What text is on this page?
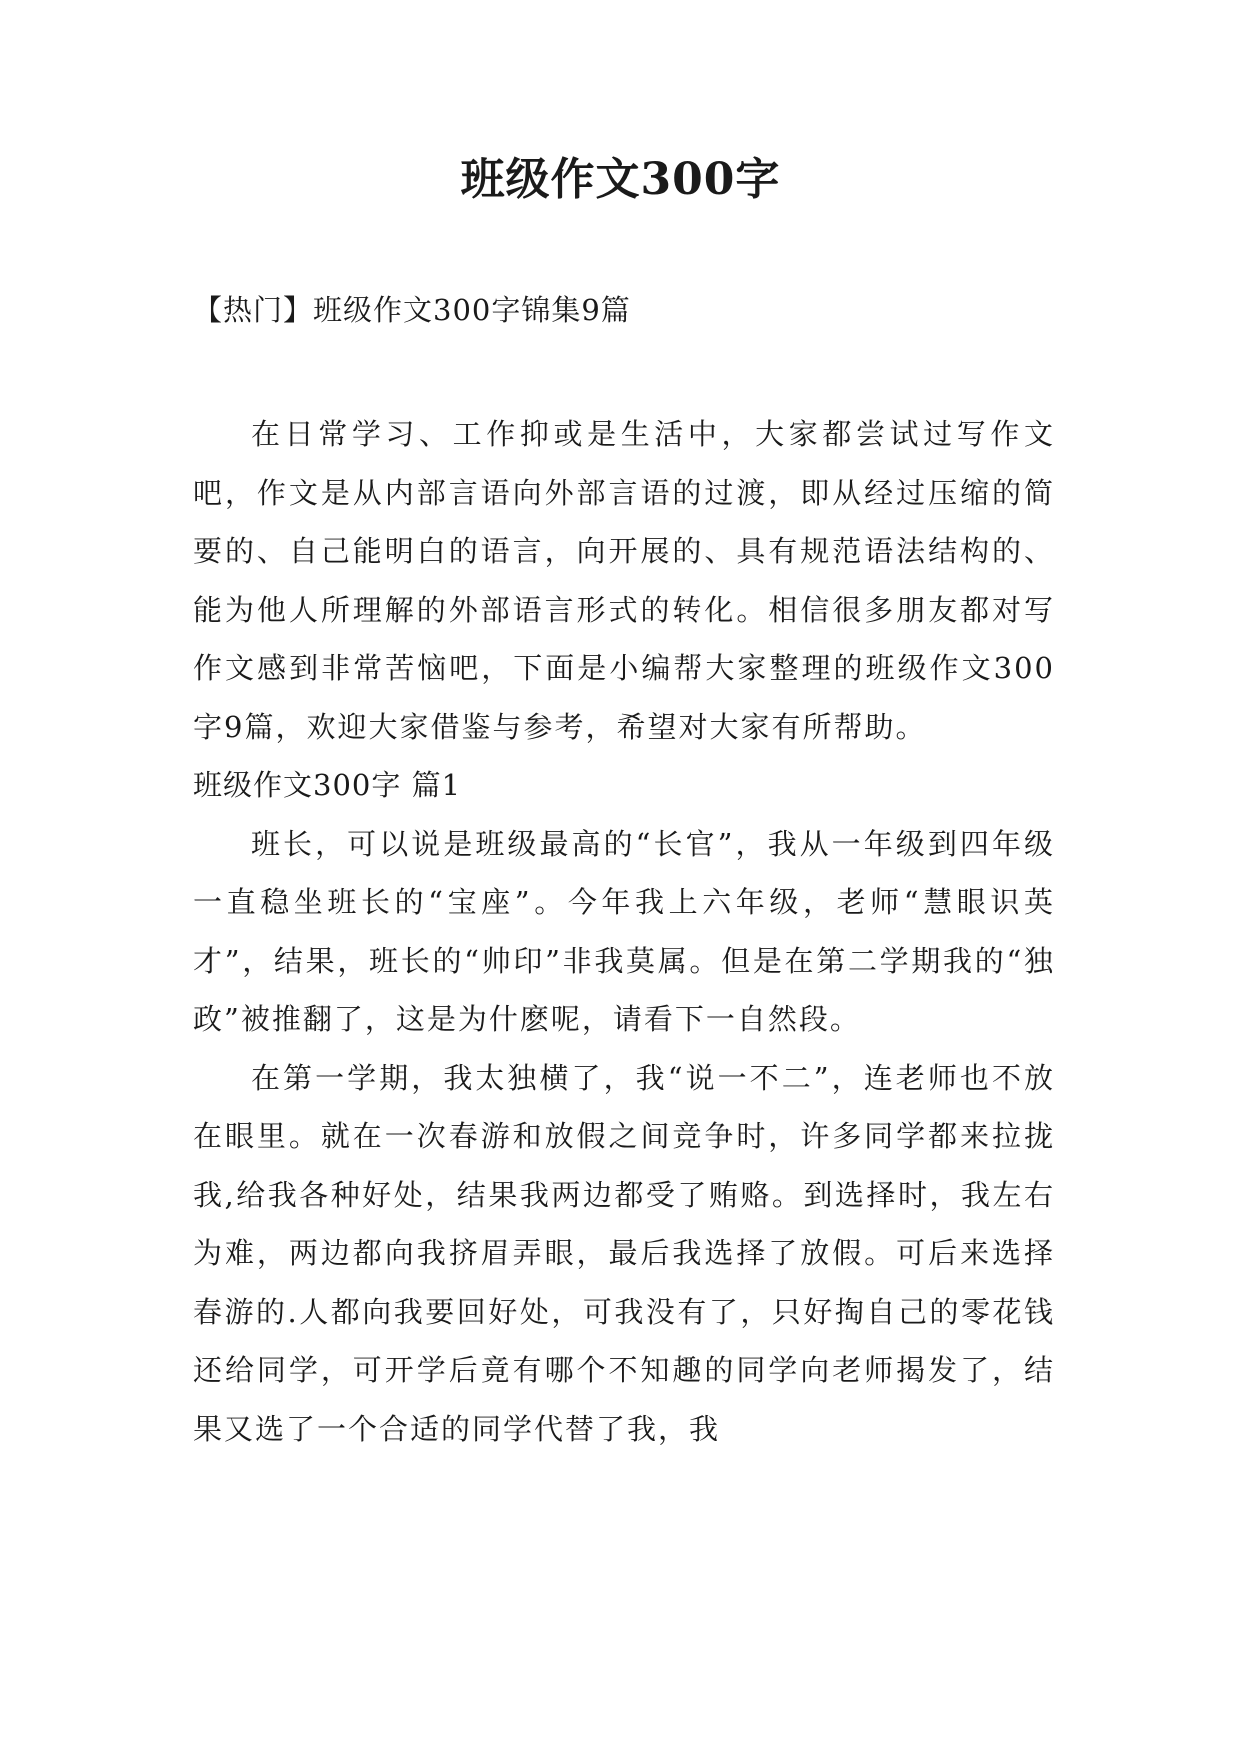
班级作文300字

【热门】班级作文300字锦集9篇

在日常学习、工作抑或是生活中，大家都尝试过写作文吧，作文是从内部言语向外部言语的过渡，即从经过压缩的简要的、自己能明白的语言，向开展的、具有规范语法结构的、能为他人所理解的外部语言形式的转化。相信很多朋友都对写作文感到非常苦恼吧，下面是小编帮大家整理的班级作文300字9篇，欢迎大家借鉴与参考，希望对大家有所帮助。

班级作文300字 篇1

班长，可以说是班级最高的“长官”，我从一年级到四年级一直稳坐班长的“宝座”。今年我上六年级，老师“慧眼识英才”，结果，班长的“帅印”非我莫属。但是在第二学期我的“独政”被推翻了，这是为什麽呢，请看下一自然段。

在第一学期，我太独横了，我“说一不二”，连老师也不放在眼里。就在一次春游和放假之间竞争时，许多同学都来拉拢我,给我各种好处，结果我两边都受了贿赂。到选择时，我左右为难，两边都向我挤眉弄眼，最后我选择了放假。可后来选择春游的.人都向我要回好处，可我没有了，只好掏自己的零花钱还给同学，可开学后竟有哪个不知趣的同学向老师揭发了，结果又选了一个合适的同学代替了我，我
